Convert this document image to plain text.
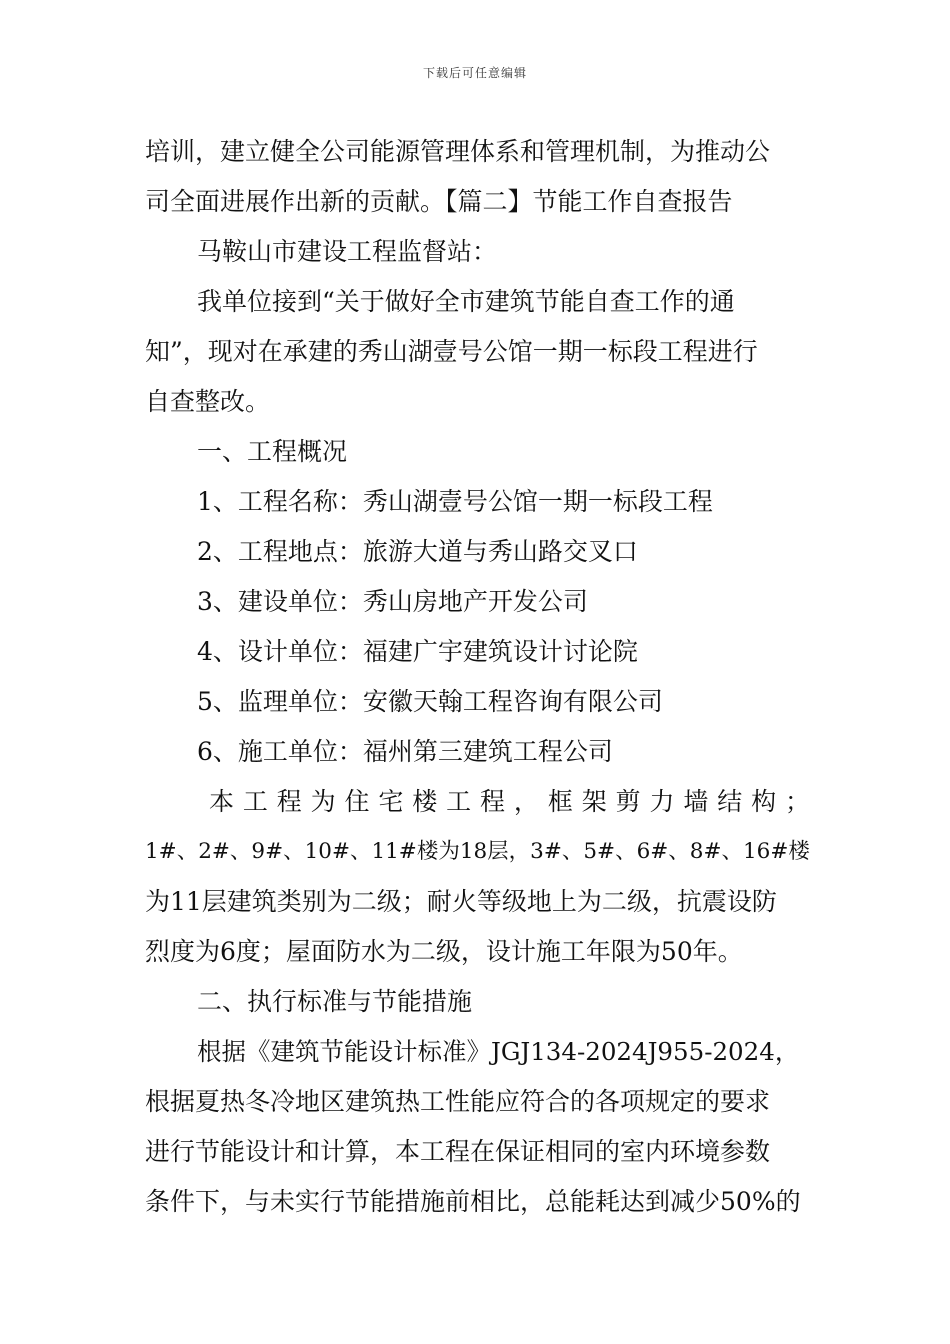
下载后可任意编辑
培训，建立健全公司能源管理体系和管理机制，为推动公
司全面进展作出新的贡献。【篇二】节能工作自查报告
马鞍山市建设工程监督站：
我单位接到“关于做好全市建筑节能自查工作的通
知”，现对在承建的秀山湖壹号公馆一期一标段工程进行
自查整改。
一、工程概况
1、工程名称：秀山湖壹号公馆一期一标段工程
2、工程地点：旅游大道与秀山路交叉口
3、建设单位：秀山房地产开发公司
4、设计单位：福建广宇建筑设计讨论院
5、监理单位：安徽天翰工程咨询有限公司
6、施工单位：福州第三建筑工程公司
本工程为住宅楼工程，框架剪力墙结构；
1#、2#、9#、10#、11#楼为18层，3#、5#、6#、8#、16#楼
为11层建筑类别为二级；耐火等级地上为二级，抗震设防
烈度为6度；屋面防水为二级，设计施工年限为50年。
二、执行标准与节能措施
根据《建筑节能设计标准》JGJ134-2024J955-2024，
根据夏热冬冷地区建筑热工性能应符合的各项规定的要求
进行节能设计和计算，本工程在保证相同的室内环境参数
条件下，与未实行节能措施前相比，总能耗达到减少50%的
